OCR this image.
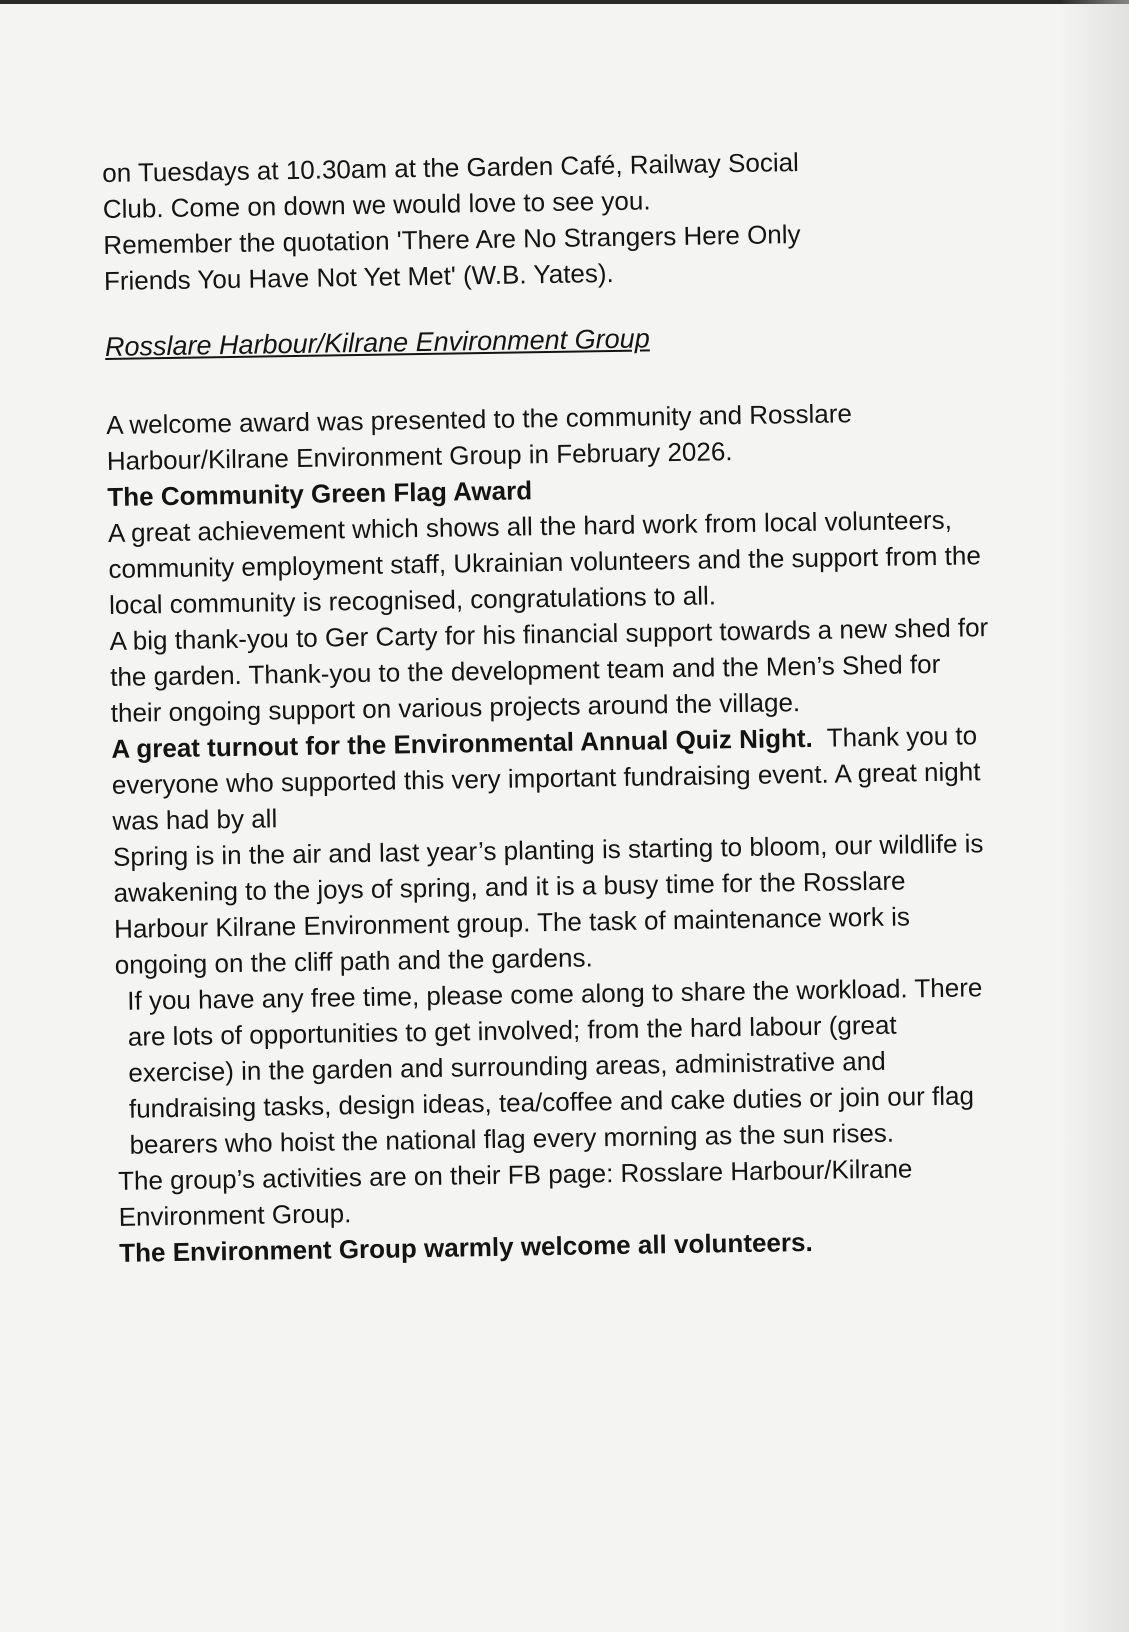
on Tuesdays at 10.30am at the Garden Café, Railway Social

Club. Come on down we would love to see you.

Remember the quotation 'There Are No Strangers Here Only

Friends You Have Not Yet Met' (W.B. Yates).

Rosslare Harbour/Kilrane Environment Group

A welcome award was presented to the community and Rosslare Harbour/Kilrane Environment Group in February 2026.

The Community Green Flag Award

A great achievement which shows all the hard work from local volunteers, community employment staff, Ukrainian volunteers and the support from the local community is recognised, congratulations to all.

A big thank-you to Ger Carty for his financial support towards a new shed for the garden. Thank-you to the development team and the Men’s Shed for their ongoing support on various projects around the village.

A great turnout for the Environmental Annual Quiz Night. Thank you to everyone who supported this very important fundraising event. A great night was had by all

Spring is in the air and last year’s planting is starting to bloom, our wildlife is awakening to the joys of spring, and it is a busy time for the Rosslare Harbour Kilrane Environment group. The task of maintenance work is ongoing on the cliff path and the gardens.

If you have any free time, please come along to share the workload. There are lots of opportunities to get involved; from the hard labour (great exercise) in the garden and surrounding areas, administrative and fundraising tasks, design ideas, tea/coffee and cake duties or join our flag bearers who hoist the national flag every morning as the sun rises.

The group’s activities are on their FB page: Rosslare Harbour/Kilrane Environment Group.

The Environment Group warmly welcome all volunteers.
